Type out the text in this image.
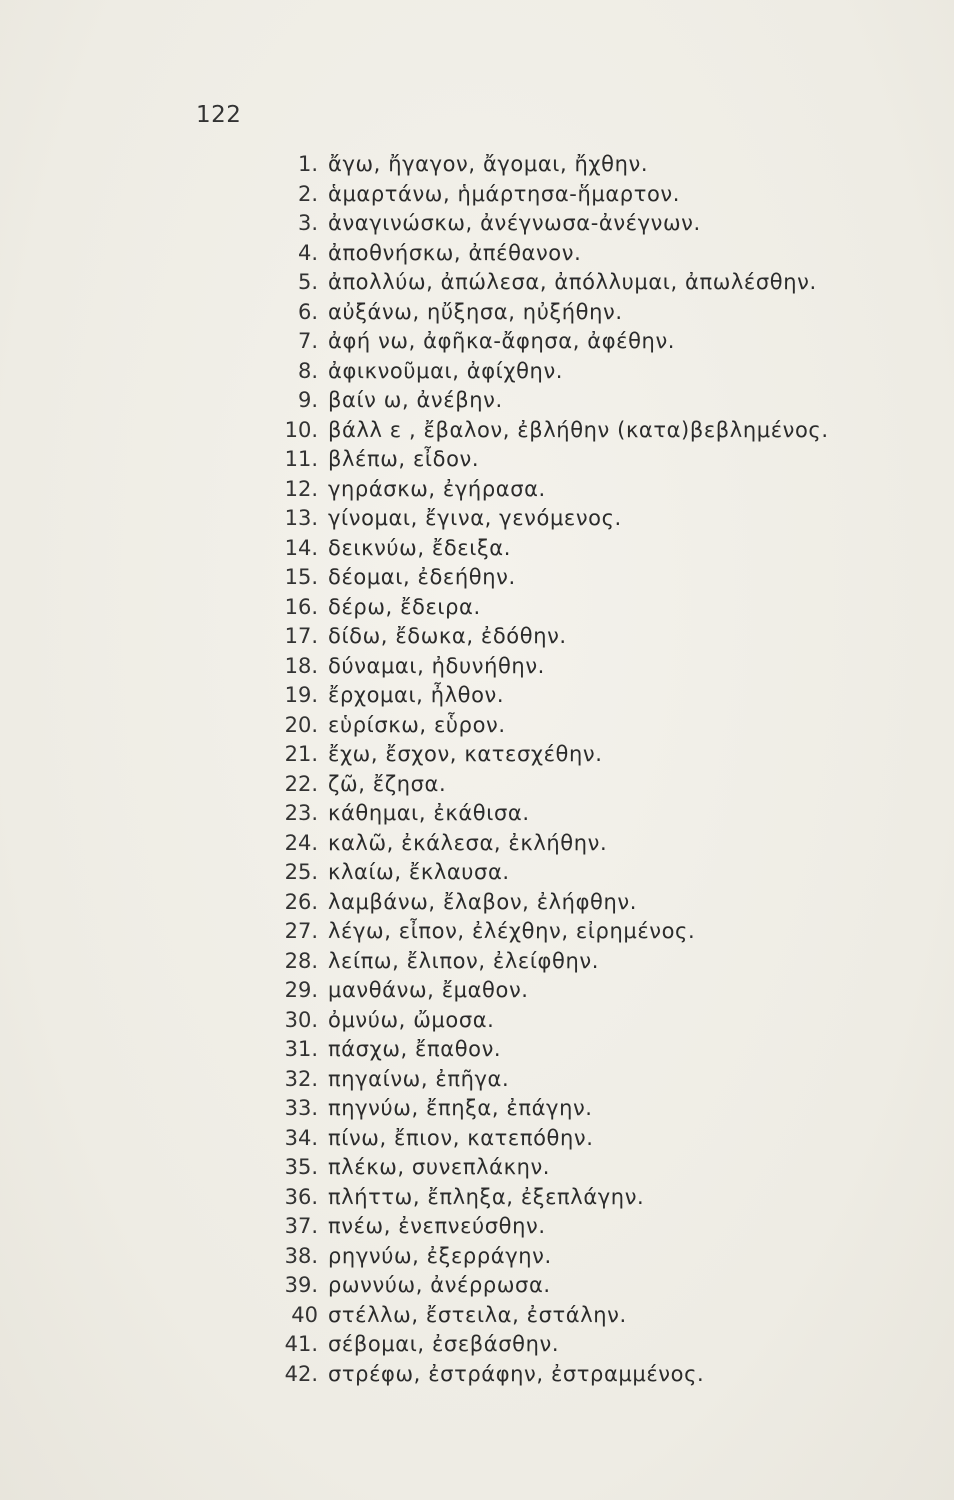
122
1. ἄγω, ἤγαγον, ἄγομαι, ἤχθην.
2. ἁμαρτάνω, ἡμάρτησα-ἥμαρτον.
3. ἀναγινώσκω, ἀνέγνωσα-ἀνέγνων.
4. ἀποθνήσκω, ἀπέθανον.
5. ἀπολλύω, ἀπώλεσα, ἀπόλλυμαι, ἀπωλέσθην.
6. αὐξάνω, ηὔξησα, ηὐξήθην.
7. ἀφή νω, ἀφῆκα-ἄφησα, ἀφέθην.
8. ἀφικνοῦμαι, ἀφίχθην.
9. βαίν ω, ἀνέβην.
10. βάλλ ε , ἔβαλον, ἐβλήθην (κατα)βεβλημένος.
11. βλέπω, εἶδον.
12. γηράσκω, ἐγήρασα.
13. γίνομαι, ἔγινα, γενόμενος.
14. δεικνύω, ἔδειξα.
15. δέομαι, ἐδεήθην.
16. δέρω, ἔδειρα.
17. δίδω, ἔδωκα, ἐδόθην.
18. δύναμαι, ἠδυνήθην.
19. ἔρχομαι, ἦλθον.
20. εὑρίσκω, εὗρον.
21. ἔχω, ἔσχον, κατεσχέθην.
22. ζῶ, ἔζησα.
23. κάθημαι, ἐκάθισα.
24. καλῶ, ἐκάλεσα, ἐκλήθην.
25. κλαίω, ἔκλαυσα.
26. λαμβάνω, ἔλαβον, ἐλήφθην.
27. λέγω, εἶπον, ἐλέχθην, εἰρημένος.
28. λείπω, ἔλιπον, ἐλείφθην.
29. μανθάνω, ἔμαθον.
30. ὀμνύω, ὤμοσα.
31. πάσχω, ἔπαθον.
32. πηγαίνω, ἐπῆγα.
33. πηγνύω, ἔπηξα, ἐπάγην.
34. πίνω, ἔπιον, κατεπόθην.
35. πλέκω, συνεπλάκην.
36. πλήττω, ἔπληξα, ἐξεπλάγην.
37. πνέω, ἐνεπνεύσθην.
38. ρηγνύω, ἐξερράγην.
39. ρωννύω, ἀνέρρωσα.
40 στέλλω, ἔστειλα, ἐστάλην.
41. σέβομαι, ἐσεβάσθην.
42. στρέφω, ἐστράφην, ἐστραμμένος.
